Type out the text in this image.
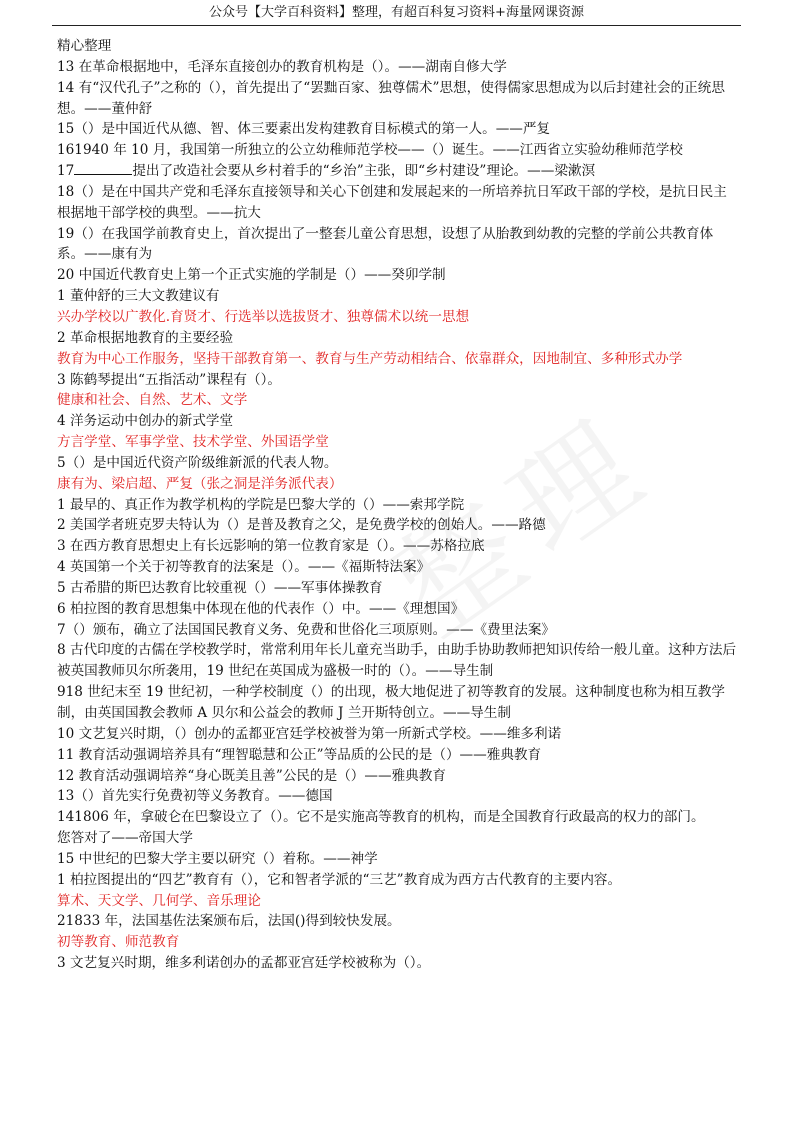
公众号【大学百科资料】整理，有超百科复习资料+海量网课资源

精心整理

13 在革命根据地中，毛泽东直接创办的教育机构是（）。——湖南自修大学

14 有“汉代孔子”之称的（），首先提出了“罢黜百家、独尊儒术”思想，使得儒家思想成为以后封建社会的正统思想。——董仲舒

15（）是中国近代从德、智、体三要素出发构建教育目标模式的第一人。——严复

161940 年 10 月，我国第一所独立的公立幼稚师范学校——（）诞生。——江西省立实验幼稚师范学校

17	提出了改造社会要从乡村着手的“乡治”主张，即“乡村建设”理论。——梁漱溟

18（）是在中国共产党和毛泽东直接领导和关心下创建和发展起来的一所培养抗日军政干部的学校，是抗日民主根据地干部学校的典型。——抗大

19（）在我国学前教育史上，首次提出了一整套儿童公育思想，设想了从胎教到幼教的完整的学前公共教育体系。——康有为

20 中国近代教育史上第一个正式实施的学制是（）——癸卯学制

1 董仲舒的三大文教建议有

兴办学校以广教化.育贤才、行选举以选拔贤才、独尊儒术以统一思想

2 革命根据地教育的主要经验

教育为中心工作服务，坚持干部教育第一、教育与生产劳动相结合、依靠群众，因地制宜、多种形式办学

3 陈鹤琴提出“五指活动”课程有（）。

健康和社会、自然、艺术、文学

4 洋务运动中创办的新式学堂

方言学堂、军事学堂、技术学堂、外国语学堂

5（）是中国近代资产阶级维新派的代表人物。

康有为、梁启超、严复（张之洞是洋务派代表）

1 最早的、真正作为教学机构的学院是巴黎大学的（）——索邦学院

2 美国学者班克罗夫特认为（）是普及教育之父，是免费学校的创始人。——路德

3 在西方教育思想史上有长远影响的第一位教育家是（）。——苏格拉底

4 英国第一个关于初等教育的法案是（）。——《福斯特法案》

5 古希腊的斯巴达教育比较重视（）——军事体操教育

6 柏拉图的教育思想集中体现在他的代表作（）中。——《理想国》

7（）颁布，确立了法国国民教育义务、免费和世俗化三项原则。——《费里法案》

8 古代印度的古儒在学校教学时，常常利用年长儿童充当助手，由助手协助教师把知识传给一般儿童。这种方法后被英国教师贝尔所袭用，19 世纪在英国成为盛极一时的（）。——导生制

918 世纪末至 19 世纪初，一种学校制度（）的出现，极大地促进了初等教育的发展。这种制度也称为相互教学制，由英国国教会教师 A 贝尔和公益会的教师 J 兰开斯特创立。——导生制

10 文艺复兴时期，（）创办的孟都亚宫廷学校被誉为第一所新式学校。——维多利诺

11 教育活动强调培养具有“理智聪慧和公正”等品质的公民的是（）——雅典教育

12 教育活动强调培养“身心既美且善”公民的是（）——雅典教育

13（）首先实行免费初等义务教育。——德国

141806 年，拿破仑在巴黎设立了（）。它不是实施高等教育的机构，而是全国教育行政最高的权力的部门。

您答对了——帝国大学

15 中世纪的巴黎大学主要以研究（）着称。——神学

1 柏拉图提出的“四艺”教育有（），它和智者学派的“三艺”教育成为西方古代教育的主要内容。

算术、天文学、几何学、音乐理论

21833 年，法国基佐法案颁布后，法国()得到较快发展。

初等教育、师范教育

3 文艺复兴时期，维多利诺创办的孟都亚宫廷学校被称为（）。
